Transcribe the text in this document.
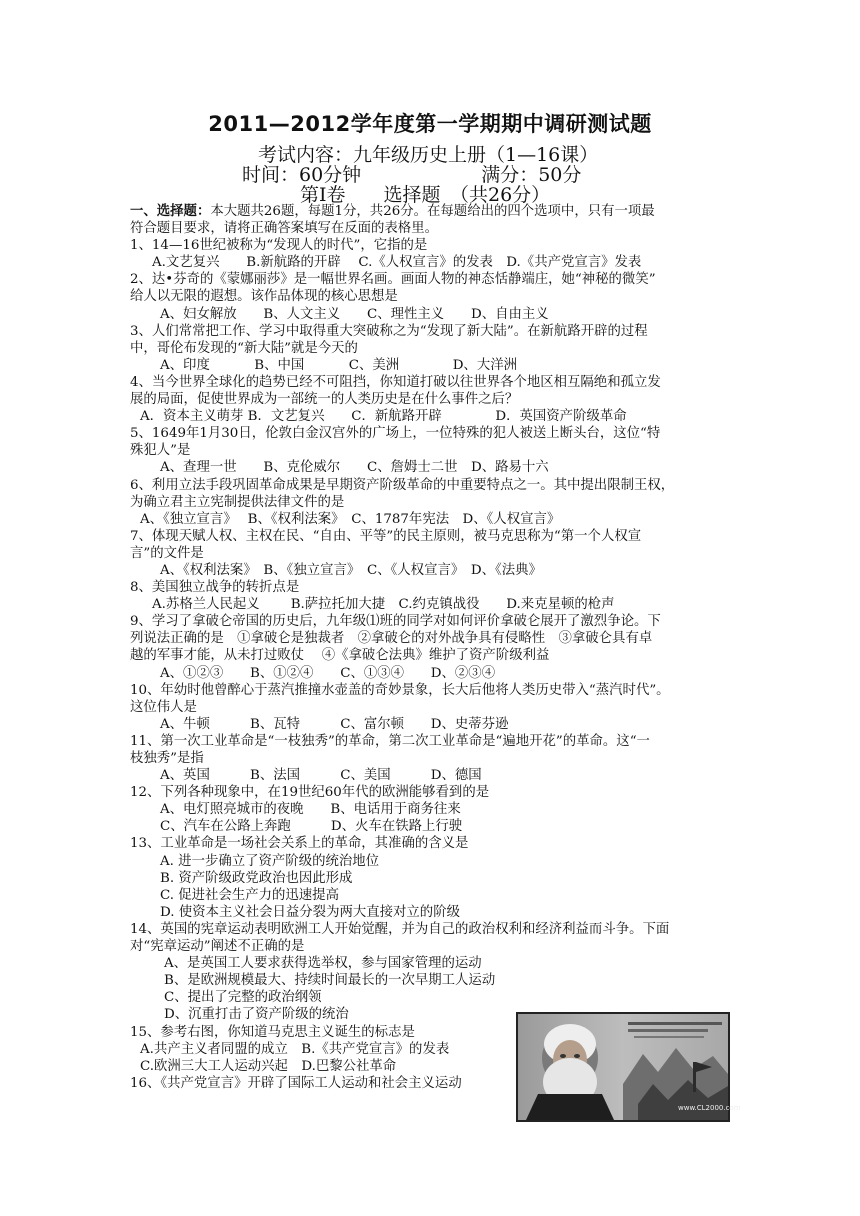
2011—2012学年度第一学期期中调研测试题
考试内容：九年级历史上册（1—16课）
时间：60分钟	满分：50分
第Ⅰ卷　　选择题　（共26分）

一、选择题：本大题共26题，每题1分，共26分。在每题给出的四个选项中，只有一项最

符合题目要求，请将正确答案填写在反面的表格里。

1、14—16世纪被称为“发现人的时代”，它指的是

A.文艺复兴　　B.新航路的开辟　 C.《人权宣言》的发表　D.《共产党宣言》发表

2、达•芬奇的《蒙娜丽莎》是一幅世界名画。画面人物的神态恬静端庄，她“神秘的微笑”

给人以无限的遐想。该作品体现的核心思想是

A、妇女解放　　B、人文主义　　C、理性主义　　D、自由主义

3、人们常常把工作、学习中取得重大突破称之为“发现了新大陆”。在新航路开辟的过程

中，哥伦布发现的“新大陆”就是今天的

A、印度　　　 B、中国　　　 C、美洲　　　　D、大洋洲

4、当今世界全球化的趋势已经不可阻挡，你知道打破以往世界各个地区相互隔绝和孤立发

展的局面，促使世界成为一部统一的人类历史是在什么事件之后？

A．资本主义萌芽 B．文艺复兴　　C．新航路开辟　　　　D．英国资产阶级革命

5、1649年1月30日，伦敦白金汉宫外的广场上，一位特殊的犯人被送上断头台，这位“特

殊犯人”是

A、查理一世　　B、克伦威尔　　C、詹姆士二世　D、路易十六

6、利用立法手段巩固革命成果是早期资产阶级革命的中重要特点之一。其中提出限制王权，

为确立君主立宪制提供法律文件的是

A、《独立宣言》　 B、《权利法案》　C、1787年宪法　D、《人权宣言》

7、体现天赋人权、主权在民、“自由、平等”的民主原则，被马克思称为“第一个人权宣

言”的文件是

A、《权利法案》　B、《独立宣言》　C、《人权宣言》　D、《法典》

8、美国独立战争的转折点是

A.苏格兰人民起义　　 B.萨拉托加大捷　C.约克镇战役　　D.来克星顿的枪声

9、学习了拿破仑帝国的历史后，九年级⑴班的同学对如何评价拿破仑展开了激烈争论。下

列说法正确的是　①拿破仑是独裁者　②拿破仑的对外战争具有侵略性　③拿破仑具有卓

越的军事才能，从未打过败仗　 ④《拿破仑法典》维护了资产阶级利益

A、①②③　　B、①②④　　C、①③④　　D、②③④

10、年幼时他曾醉心于蒸汽推撞水壶盖的奇妙景象，长大后他将人类历史带入“蒸汽时代”。

这位伟人是

A、牛顿　　　B、瓦特　　　C、富尔顿　　D、史蒂芬逊

11、第一次工业革命是“一枝独秀”的革命，第二次工业革命是“遍地开花”的革命。这“一

枝独秀”是指

A、英国　　　B、法国　　　C、美国　　　D、德国

12、下列各种现象中，在19世纪60年代的欧洲能够看到的是

A、电灯照亮城市的夜晚　　B、电话用于商务往来

C、汽车在公路上奔跑　　　D、火车在铁路上行驶

13、工业革命是一场社会关系上的革命，其准确的含义是

A. 进一步确立了资产阶级的统治地位

B. 资产阶级政党政治也因此形成

C. 促进社会生产力的迅速提高

D. 使资本主义社会日益分裂为两大直接对立的阶级

14、英国的宪章运动表明欧洲工人开始觉醒，并为自己的政治权利和经济利益而斗争。下面

对“宪章运动”阐述不正确的是

A、是英国工人要求获得选举权，参与国家管理的运动

B、是欧洲规模最大、持续时间最长的一次早期工人运动

C、提出了完整的政治纲领

D、沉重打击了资产阶级的统治

15、参考右图，你知道马克思主义诞生的标志是

A.共产主义者同盟的成立　B.《共产党宣言》的发表

C.欧洲三大工人运动兴起　D.巴黎公社革命

16、《共产党宣言》开辟了国际工人运动和社会主义运动

www.CL2000.com
